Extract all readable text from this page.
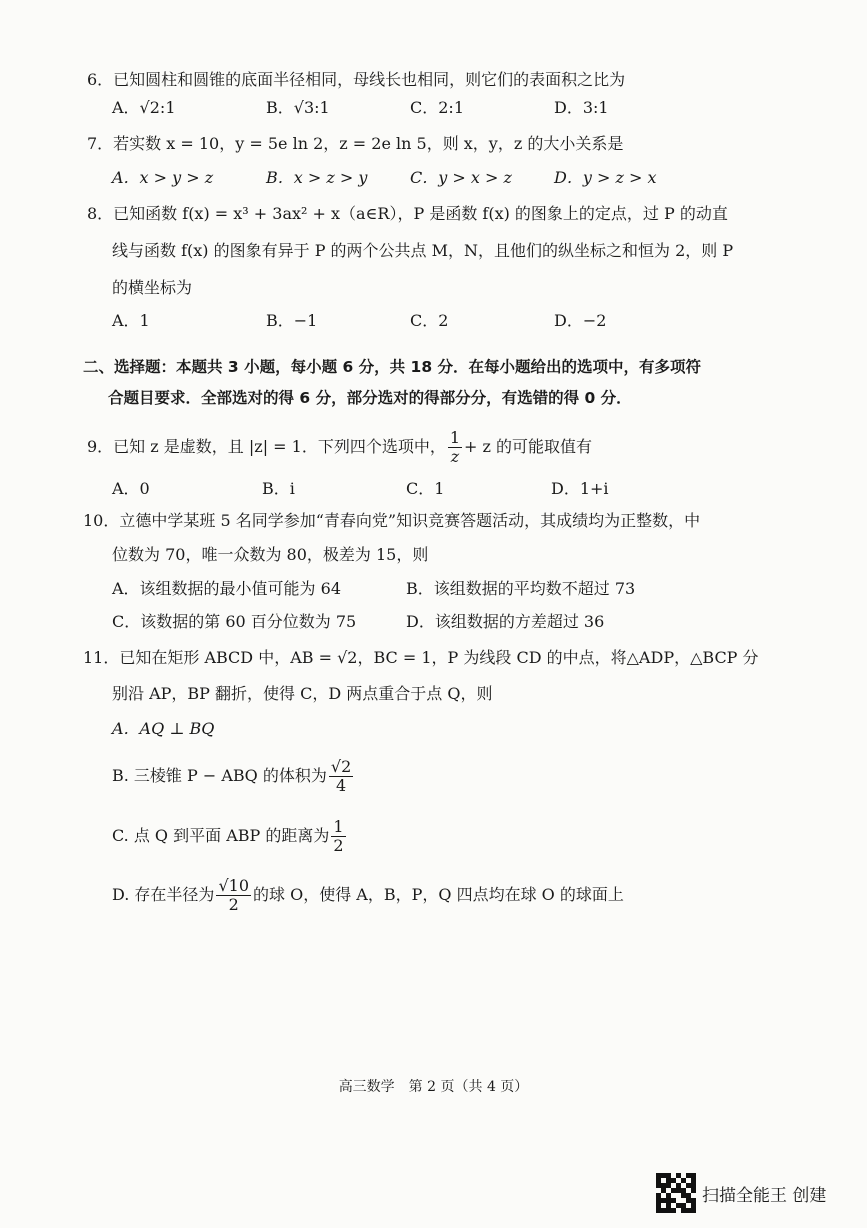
6．已知圆柱和圆锥的底面半径相同，母线长也相同，则它们的表面积之比为
A．√2:1	B．√3:1	C．2:1	D．3:1
7．若实数 x = 10，y = 5e ln 2，z = 2e ln 5，则 x，y，z 的大小关系是
A．x > y > z	B．x > z > y	C．y > x > z	D．y > z > x
8．已知函数 f(x) = x³ + 3ax² + x（a∈R），P 是函数 f(x) 的图象上的定点，过 P 的动直
线与函数 f(x) 的图象有异于 P 的两个公共点 M，N，且他们的纵坐标之和恒为 2，则 P
的横坐标为
A．1	B．−1	C．2	D．−2
二、选择题：本题共 3 小题，每小题 6 分，共 18 分．在每小题给出的选项中，有多项符
合题目要求．全部选对的得 6 分，部分选对的得部分分，有选错的得 0 分．
9．已知 z 是虚数，且 |z| = 1．下列四个选项中， $\frac{1}{z} + z$ 的可能取值有
A．0	B．i	C．1	D．1+i
10．立德中学某班 5 名同学参加“青春向党”知识竞赛答题活动，其成绩均为正整数，中
位数为 70，唯一众数为 80，极差为 15，则
A．该组数据的最小值可能为 64	B．该组数据的平均数不超过 73
C．该数据的第 60 百分位数为 75	D．该组数据的方差超过 36
11．已知在矩形 ABCD 中，AB = √2，BC = 1，P 为线段 CD 的中点，将△ADP，△BCP 分
别沿 AP，BP 翻折，使得 C，D 两点重合于点 Q，则
A．AQ ⊥ BQ
B. 三棱锥 P − ABQ 的体积为 $\frac{√2}{4}$
C. 点 Q 到平面 ABP 的距离为 $\frac{1}{2}$
D. 存在半径为 $\frac{√10}{2}$ 的球 O，使得 A，B，P，Q 四点均在球 O 的球面上
高三数学　第 2 页（共 4 页）
扫描全能王 创建
